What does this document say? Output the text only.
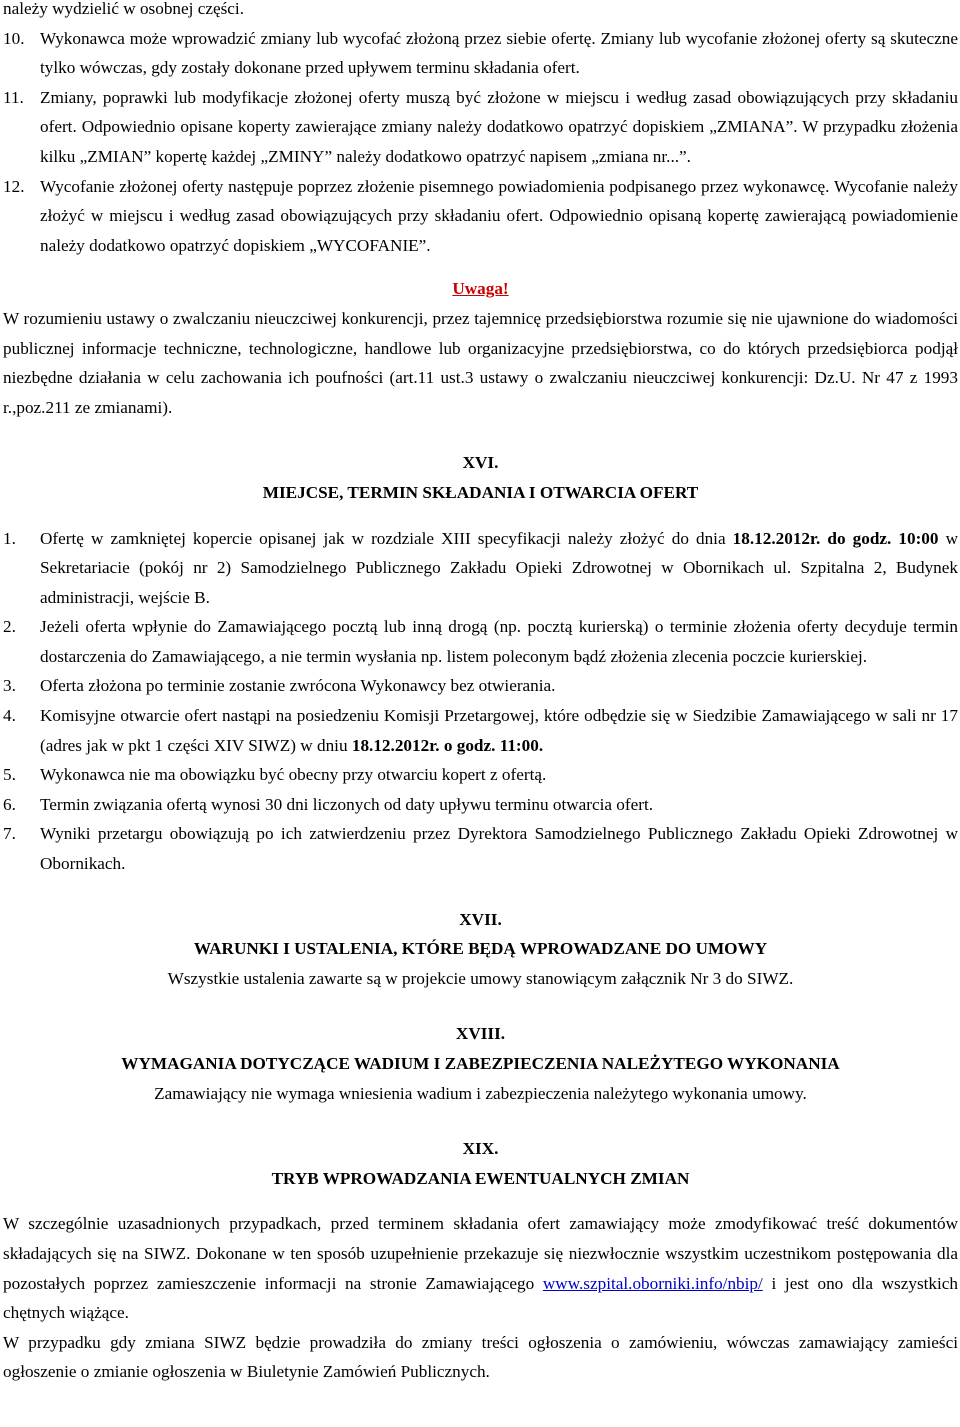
należy wydzielić w osobnej części.

10. Wykonawca może wprowadzić zmiany lub wycofać złożoną przez siebie ofertę. Zmiany lub wycofanie złożonej oferty są skuteczne tylko wówczas, gdy zostały dokonane przed upływem terminu składania ofert.
11. Zmiany, poprawki lub modyfikacje złożonej oferty muszą być złożone w miejscu i według zasad obowiązujących przy składaniu ofert. Odpowiednio opisane koperty zawierające zmiany należy dodatkowo opatrzyć dopiskiem „ZMIANA”. W przypadku złożenia kilku „ZMIAN” kopertę każdej „ZMINY” należy dodatkowo opatrzyć napisem „zmiana nr...”.
12. Wycofanie złożonej oferty następuje poprzez złożenie pisemnego powiadomienia podpisanego przez wykonawcę. Wycofanie należy złożyć w miejscu i według zasad obowiązujących przy składaniu ofert. Odpowiednio opisaną kopertę zawierającą powiadomienie należy dodatkowo opatrzyć dopiskiem „WYCOFANIE”.

Uwaga!

W rozumieniu ustawy o zwalczaniu nieuczciwej konkurencji, przez tajemnicę przedsiębiorstwa rozumie się nie ujawnione do wiadomości publicznej informacje techniczne, technologiczne, handlowe lub organizacyjne przedsiębiorstwa, co do których przedsiębiorca podjął niezbędne działania w celu zachowania ich poufności (art.11 ust.3 ustawy o zwalczaniu nieuczciwej konkurencji: Dz.U. Nr 47 z 1993 r.,poz.211 ze zmianami).

XVI.

MIEJCSE, TERMIN SKŁADANIA I OTWARCIA OFERT

1.	Ofertę w zamkniętej kopercie opisanej jak w rozdziale XIII specyfikacji należy złożyć do dnia 18.12.2012r. do godz. 10:00 w Sekretariacie (pokój nr 2) Samodzielnego Publicznego Zakładu Opieki Zdrowotnej w Obornikach ul. Szpitalna 2, Budynek administracji, wejście B.
2.	Jeżeli oferta wpłynie do Zamawiającego pocztą lub inną drogą (np. pocztą kurierską) o terminie złożenia oferty decyduje termin dostarczenia do Zamawiającego, a nie termin wysłania np. listem poleconym bądź złożenia zlecenia poczcie kurierskiej.
3.	Oferta złożona po terminie zostanie zwrócona Wykonawcy bez otwierania.
4.	Komisyjne otwarcie ofert nastąpi na posiedzeniu Komisji Przetargowej, które odbędzie się w Siedzibie Zamawiającego w sali nr 17 (adres jak w pkt 1 części XIV SIWZ) w dniu 18.12.2012r. o godz. 11:00.
5.	Wykonawca nie ma obowiązku być obecny przy otwarciu kopert z ofertą.
6.	Termin związania ofertą wynosi 30 dni liczonych od daty upływu terminu otwarcia ofert.
7.	Wyniki przetargu obowiązują po ich zatwierdzeniu przez Dyrektora Samodzielnego Publicznego Zakładu Opieki Zdrowotnej w Obornikach.

XVII.

WARUNKI I USTALENIA, KTÓRE BĘDĄ WPROWADZANE DO UMOWY

Wszystkie ustalenia zawarte są w projekcie umowy stanowiącym załącznik Nr 3 do SIWZ.

XVIII.

WYMAGANIA DOTYCZĄCE WADIUM I ZABEZPIECZENIA NALEŻYTEGO WYKONANIA

Zamawiający nie wymaga wniesienia wadium i zabezpieczenia należytego wykonania umowy.

XIX.

TRYB WPROWADZANIA EWENTUALNYCH ZMIAN

W szczególnie uzasadnionych przypadkach, przed terminem składania ofert zamawiający może zmodyfikować treść dokumentów składających się na SIWZ. Dokonane w ten sposób uzupełnienie przekazuje się niezwłocznie wszystkim uczestnikom postępowania dla pozostałych poprzez zamieszczenie informacji na stronie Zamawiającego www.szpital.oborniki.info/nbip/ i jest ono dla wszystkich chętnych wiążące.

W przypadku gdy zmiana SIWZ będzie prowadziła do zmiany treści ogłoszenia o zamówieniu, wówczas zamawiający zamieści ogłoszenie o zmianie ogłoszenia w Biuletynie Zamówień Publicznych.
